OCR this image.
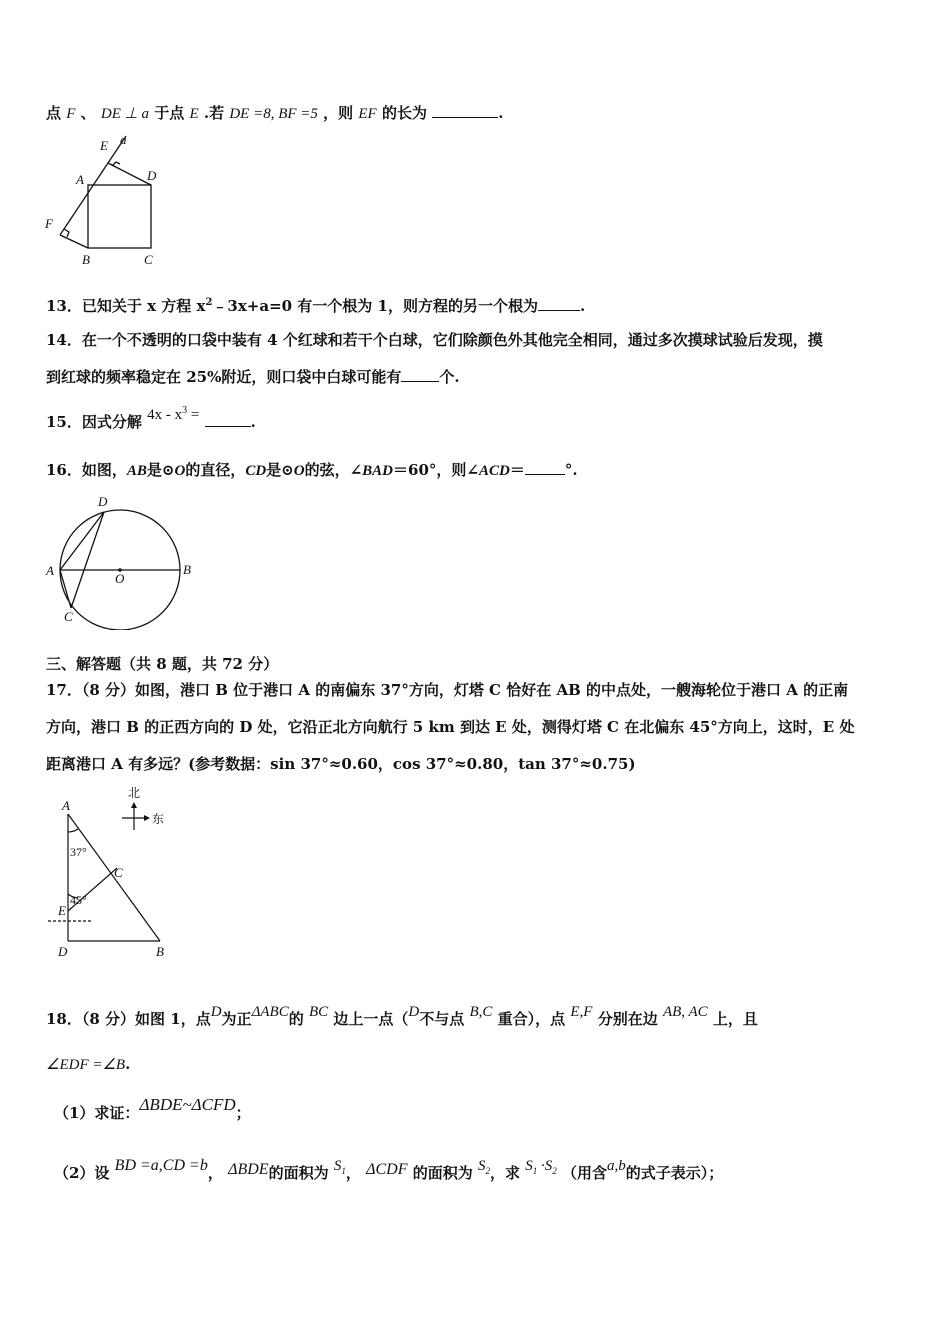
点 F 、 DE ⊥ a 于点 E .若 DE =8, BF =5 ，则 EF 的长为	.
E a
A	D
F
B	C
13．已知关于 x 方程 $x^2﹣3x+a=0$ 有一个根为 1，则方程的另一个根为	.
14．在一个不透明的口袋中装有 4 个红球和若干个白球，它们除颜色外其他完全相同，通过多次摸球试验后发现，摸
到红球的频率稳定在 25%附近，则口袋中白球可能有	个.
15．因式分解 $4x - x^3$ =	.
16．如图，AB是⊙O的直径，CD是⊙O的弦，∠BAD＝60°，则∠ACD＝	°.
D
A
O
B
C
三、解答题（共 8 题，共 72 分）
17．（8 分）如图，港口 B 位于港口 A 的南偏东 37°方向，灯塔 C 恰好在 AB 的中点处，一艘海轮位于港口 A 的正南
方向，港口 B 的正西方向的 D 处，它沿正北方向航行 5 km 到达 E 处，测得灯塔 C 在北偏东 45°方向上，这时，E 处
距离港口 A 有多远？(参考数据：sin 37°≈0.60，cos 37°≈0.80，tan 37°≈0.75)
A
北
东
37°
C
45°
E
D	B
18．（8 分）如图 1，点D为正ΔABC的 BC 边上一点（D不与点 B,C 重合），点 E,F 分别在边 AB, AC 上，且
∠EDF =∠B.
（1）求证：ΔBDE~ΔCFD；
（2）设 BD =a,CD =b， ΔBDE的面积为 $S_1$， ΔCDF 的面积为 $S_2$，求 $S_1 \cdot S_2$ （用含a,b的式子表示）；
